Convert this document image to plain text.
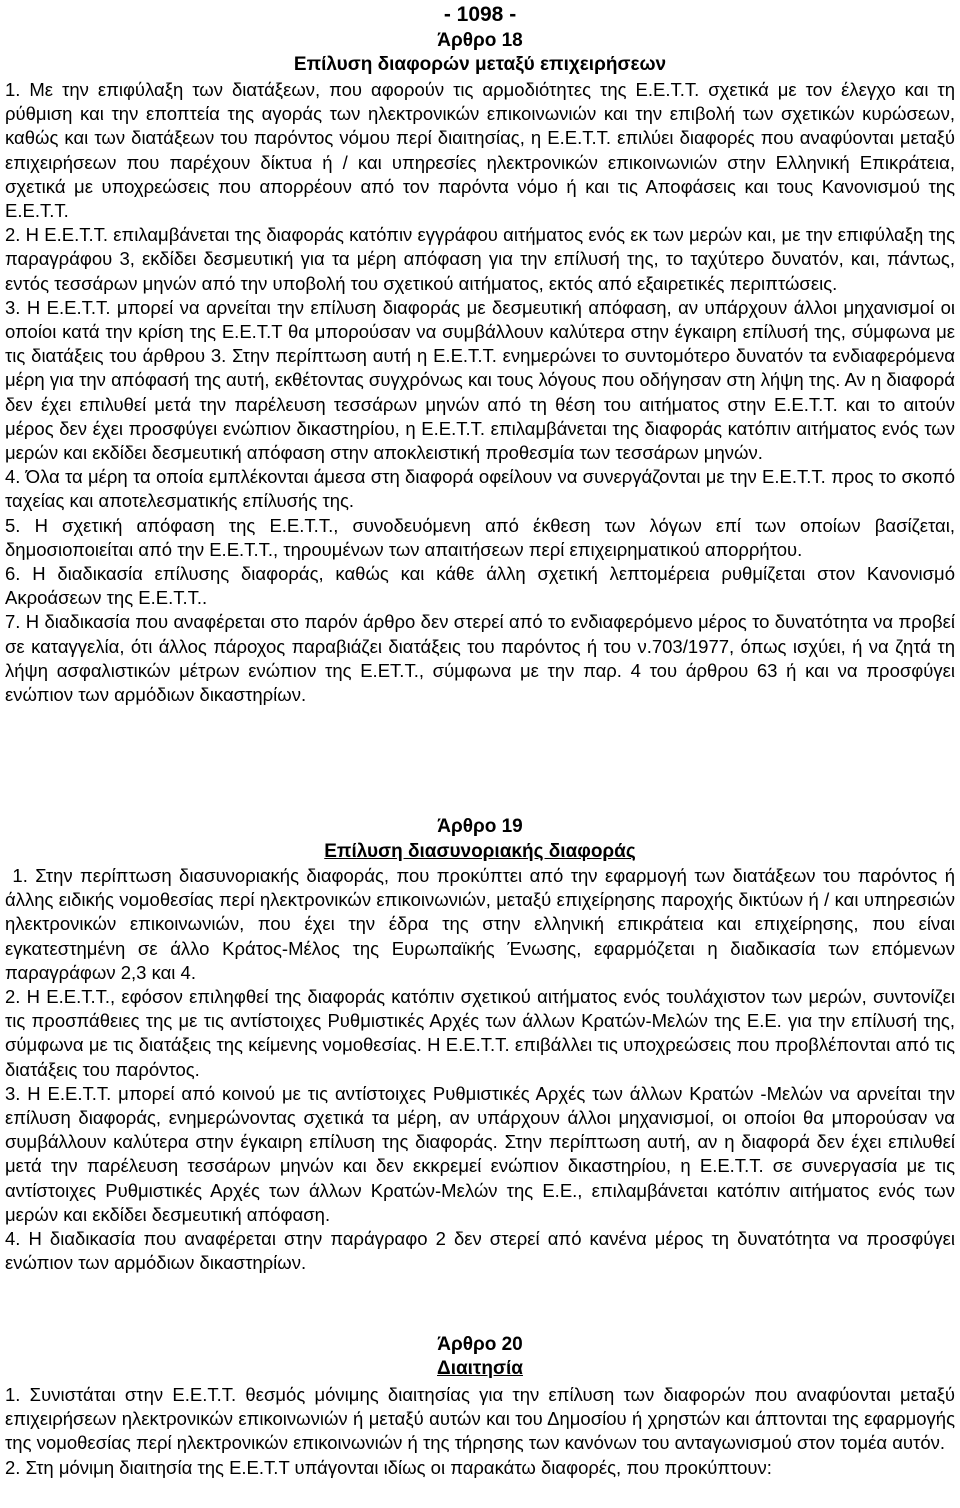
- 1098 -
Άρθρο 18
Επίλυση διαφορών μεταξύ επιχειρήσεων
1. Με την επιφύλαξη των διατάξεων, που αφορούν τις αρμοδιότητες της Ε.Ε.Τ.Τ. σχετικά με τον έλεγχο και τη ρύθμιση και την εποπτεία της αγοράς των ηλεκτρονικών επικοινωνιών και την επιβολή των σχετικών κυρώσεων, καθώς και των διατάξεων του παρόντος νόμου περί διαιτησίας, η Ε.Ε.Τ.Τ. επιλύει διαφορές που αναφύονται μεταξύ επιχειρήσεων που παρέχουν δίκτυα ή / και υπηρεσίες ηλεκτρονικών επικοινωνιών στην Ελληνική Επικράτεια, σχετικά με υποχρεώσεις που απορρέουν από τον παρόντα νόμο ή και τις Αποφάσεις και τους Κανονισμού της Ε.Ε.Τ.Τ.
2. Η Ε.Ε.Τ.Τ. επιλαμβάνεται της διαφοράς κατόπιν εγγράφου αιτήματος ενός εκ των μερών και, με την επιφύλαξη της παραγράφου 3, εκδίδει δεσμευτική για τα μέρη απόφαση για την επίλυσή της, το ταχύτερο δυνατόν, και, πάντως, εντός τεσσάρων μηνών από την υποβολή του σχετικού αιτήματος, εκτός από εξαιρετικές περιπτώσεις.
3. Η Ε.Ε.Τ.Τ. μπορεί να αρνείται την επίλυση διαφοράς με δεσμευτική απόφαση, αν υπάρχουν άλλοι μηχανισμοί οι οποίοι κατά την κρίση της Ε.Ε.Τ.Τ θα μπορούσαν να συμβάλλουν καλύτερα στην έγκαιρη επίλυσή της, σύμφωνα με τις διατάξεις του άρθρου 3. Στην περίπτωση αυτή η Ε.Ε.Τ.Τ. ενημερώνει το συντομότερο δυνατόν τα ενδιαφερόμενα μέρη για την απόφασή της αυτή, εκθέτοντας συγχρόνως και τους λόγους που οδήγησαν στη λήψη της. Αν η διαφορά δεν έχει επιλυθεί μετά την παρέλευση τεσσάρων μηνών από τη θέση του αιτήματος στην Ε.Ε.Τ.Τ. και το αιτούν μέρος δεν έχει προσφύγει ενώπιον δικαστηρίου, η Ε.Ε.Τ.Τ. επιλαμβάνεται της διαφοράς κατόπιν αιτήματος ενός των μερών και εκδίδει δεσμευτική απόφαση στην αποκλειστική προθεσμία των τεσσάρων μηνών.
4. Όλα τα μέρη τα οποία εμπλέκονται άμεσα στη διαφορά οφείλουν να συνεργάζονται με την Ε.Ε.Τ.Τ. προς το σκοπό ταχείας και αποτελεσματικής επίλυσής της.
5. Η σχετική απόφαση της Ε.Ε.Τ.Τ., συνοδευόμενη από έκθεση των λόγων επί των οποίων βασίζεται, δημοσιοποιείται από την Ε.Ε.Τ.Τ., τηρουμένων των απαιτήσεων περί επιχειρηματικού απορρήτου.
6. Η διαδικασία επίλυσης διαφοράς, καθώς και κάθε άλλη σχετική λεπτομέρεια ρυθμίζεται στον Κανονισμό Ακροάσεων της Ε.Ε.Τ.Τ..
7. Η διαδικασία που αναφέρεται στο παρόν άρθρο δεν στερεί από το ενδιαφερόμενο μέρος το δυνατότητα να προβεί σε καταγγελία, ότι άλλος πάροχος παραβιάζει διατάξεις του παρόντος ή του ν.703/1977, όπως ισχύει, ή να ζητά τη λήψη ασφαλιστικών μέτρων ενώπιον της Ε.ΕΤ.Τ., σύμφωνα με την παρ. 4 του άρθρου 63 ή και να προσφύγει ενώπιον των αρμόδιων δικαστηρίων.
Άρθρο 19
Επίλυση διασυνοριακής διαφοράς
1. Στην περίπτωση διασυνοριακής διαφοράς, που προκύπτει από την εφαρμογή των διατάξεων του παρόντος ή άλλης ειδικής νομοθεσίας περί ηλεκτρονικών επικοινωνιών, μεταξύ επιχείρησης παροχής δικτύων ή / και υπηρεσιών ηλεκτρονικών επικοινωνιών, που έχει την έδρα της στην ελληνική επικράτεια και επιχείρησης, που είναι εγκατεστημένη σε άλλο Κράτος-Μέλος της Ευρωπαϊκής Ένωσης, εφαρμόζεται η διαδικασία των επόμενων παραγράφων 2,3 και 4.
2. Η Ε.Ε.Τ.Τ., εφόσον επιληφθεί της διαφοράς κατόπιν σχετικού αιτήματος ενός τουλάχιστον των μερών, συντονίζει τις προσπάθειες της με τις αντίστοιχες Ρυθμιστικές Αρχές των άλλων Κρατών-Μελών της Ε.Ε. για την επίλυσή της, σύμφωνα με τις διατάξεις της κείμενης νομοθεσίας. Η Ε.Ε.Τ.Τ. επιβάλλει τις υποχρεώσεις που προβλέπονται από τις διατάξεις του παρόντος.
3. Η Ε.Ε.Τ.Τ. μπορεί από κοινού με τις αντίστοιχες Ρυθμιστικές Αρχές των άλλων Κρατών -Μελών να αρνείται την επίλυση διαφοράς, ενημερώνοντας σχετικά τα μέρη, αν υπάρχουν άλλοι μηχανισμοί, οι οποίοι θα μπορούσαν να συμβάλλουν καλύτερα στην έγκαιρη επίλυση της διαφοράς. Στην περίπτωση αυτή, αν η διαφορά δεν έχει επιλυθεί μετά την παρέλευση τεσσάρων μηνών και δεν εκκρεμεί ενώπιον δικαστηρίου, η Ε.Ε.Τ.Τ. σε συνεργασία με τις αντίστοιχες Ρυθμιστικές Αρχές των άλλων Κρατών-Μελών της Ε.Ε., επιλαμβάνεται κατόπιν αιτήματος ενός των μερών και εκδίδει δεσμευτική απόφαση.
4. Η διαδικασία που αναφέρεται στην παράγραφο 2 δεν στερεί από κανένα μέρος τη δυνατότητα να προσφύγει ενώπιον των αρμόδιων δικαστηρίων.
Άρθρο 20
Διαιτησία
1. Συνιστάται στην Ε.Ε.Τ.Τ. θεσμός μόνιμης διαιτησίας για την επίλυση των διαφορών που αναφύονται μεταξύ επιχειρήσεων ηλεκτρονικών επικοινωνιών ή μεταξύ αυτών και του Δημοσίου ή χρηστών και άπτονται της εφαρμογής της νομοθεσίας περί ηλεκτρονικών επικοινωνιών ή της τήρησης των κανόνων του ανταγωνισμού στον τομέα αυτόν.
2. Στη μόνιμη διαιτησία της Ε.Ε.Τ.Τ υπάγονται ιδίως οι παρακάτω διαφορές, που προκύπτουν:
